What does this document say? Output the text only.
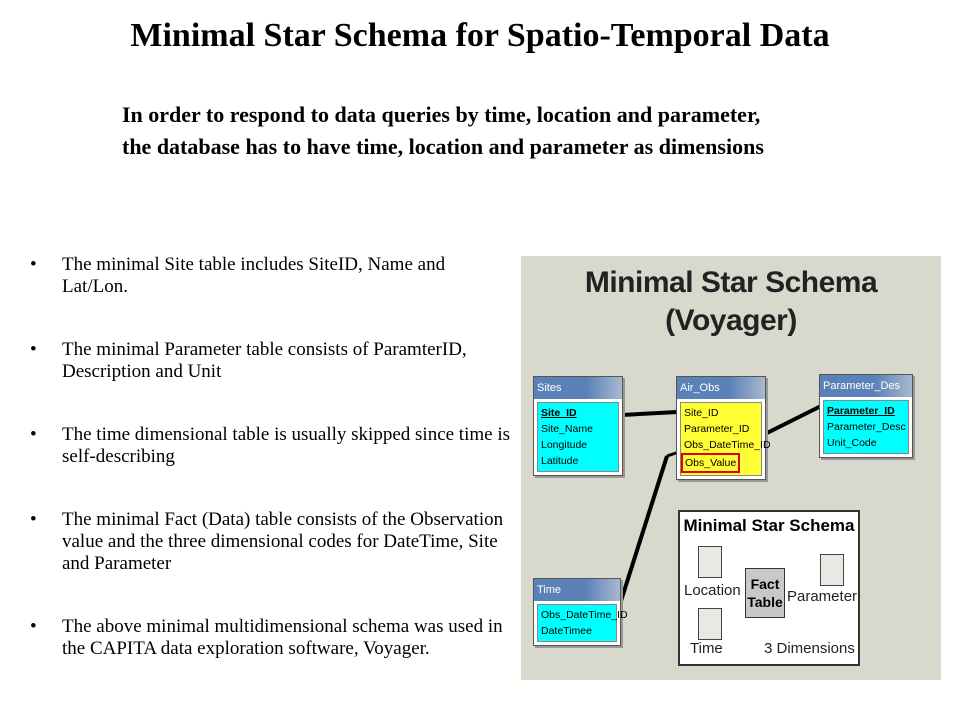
Minimal Star Schema for Spatio-Temporal Data
In order to respond to data queries by time, location and parameter,
the database has to have time, location and parameter as dimensions
•	The minimal Site table includes SiteID, Name and Lat/Lon.
•	The minimal Parameter table consists of ParamterID, Description and Unit
•	The time dimensional table is usually skipped since time is self-describing
•	The minimal Fact (Data) table consists of the Observation value and the three dimensional codes for DateTime, Site and Parameter
•	The above minimal multidimensional schema was used in the CAPITA data exploration software, Voyager.
Minimal Star Schema
(Voyager)
Sites
Site_ID
Site_Name
Longitude
Latitude
Air_Obs
Site_ID
Parameter_ID
Obs_DateTime_ID
Obs_Value
Parameter_Des
Parameter_ID
Parameter_Desc
Unit_Code
Time
Obs_DateTime_ID
DateTimee
Minimal Star Schema
Fact
Table
Location	Parameter
Time	3 Dimensions
